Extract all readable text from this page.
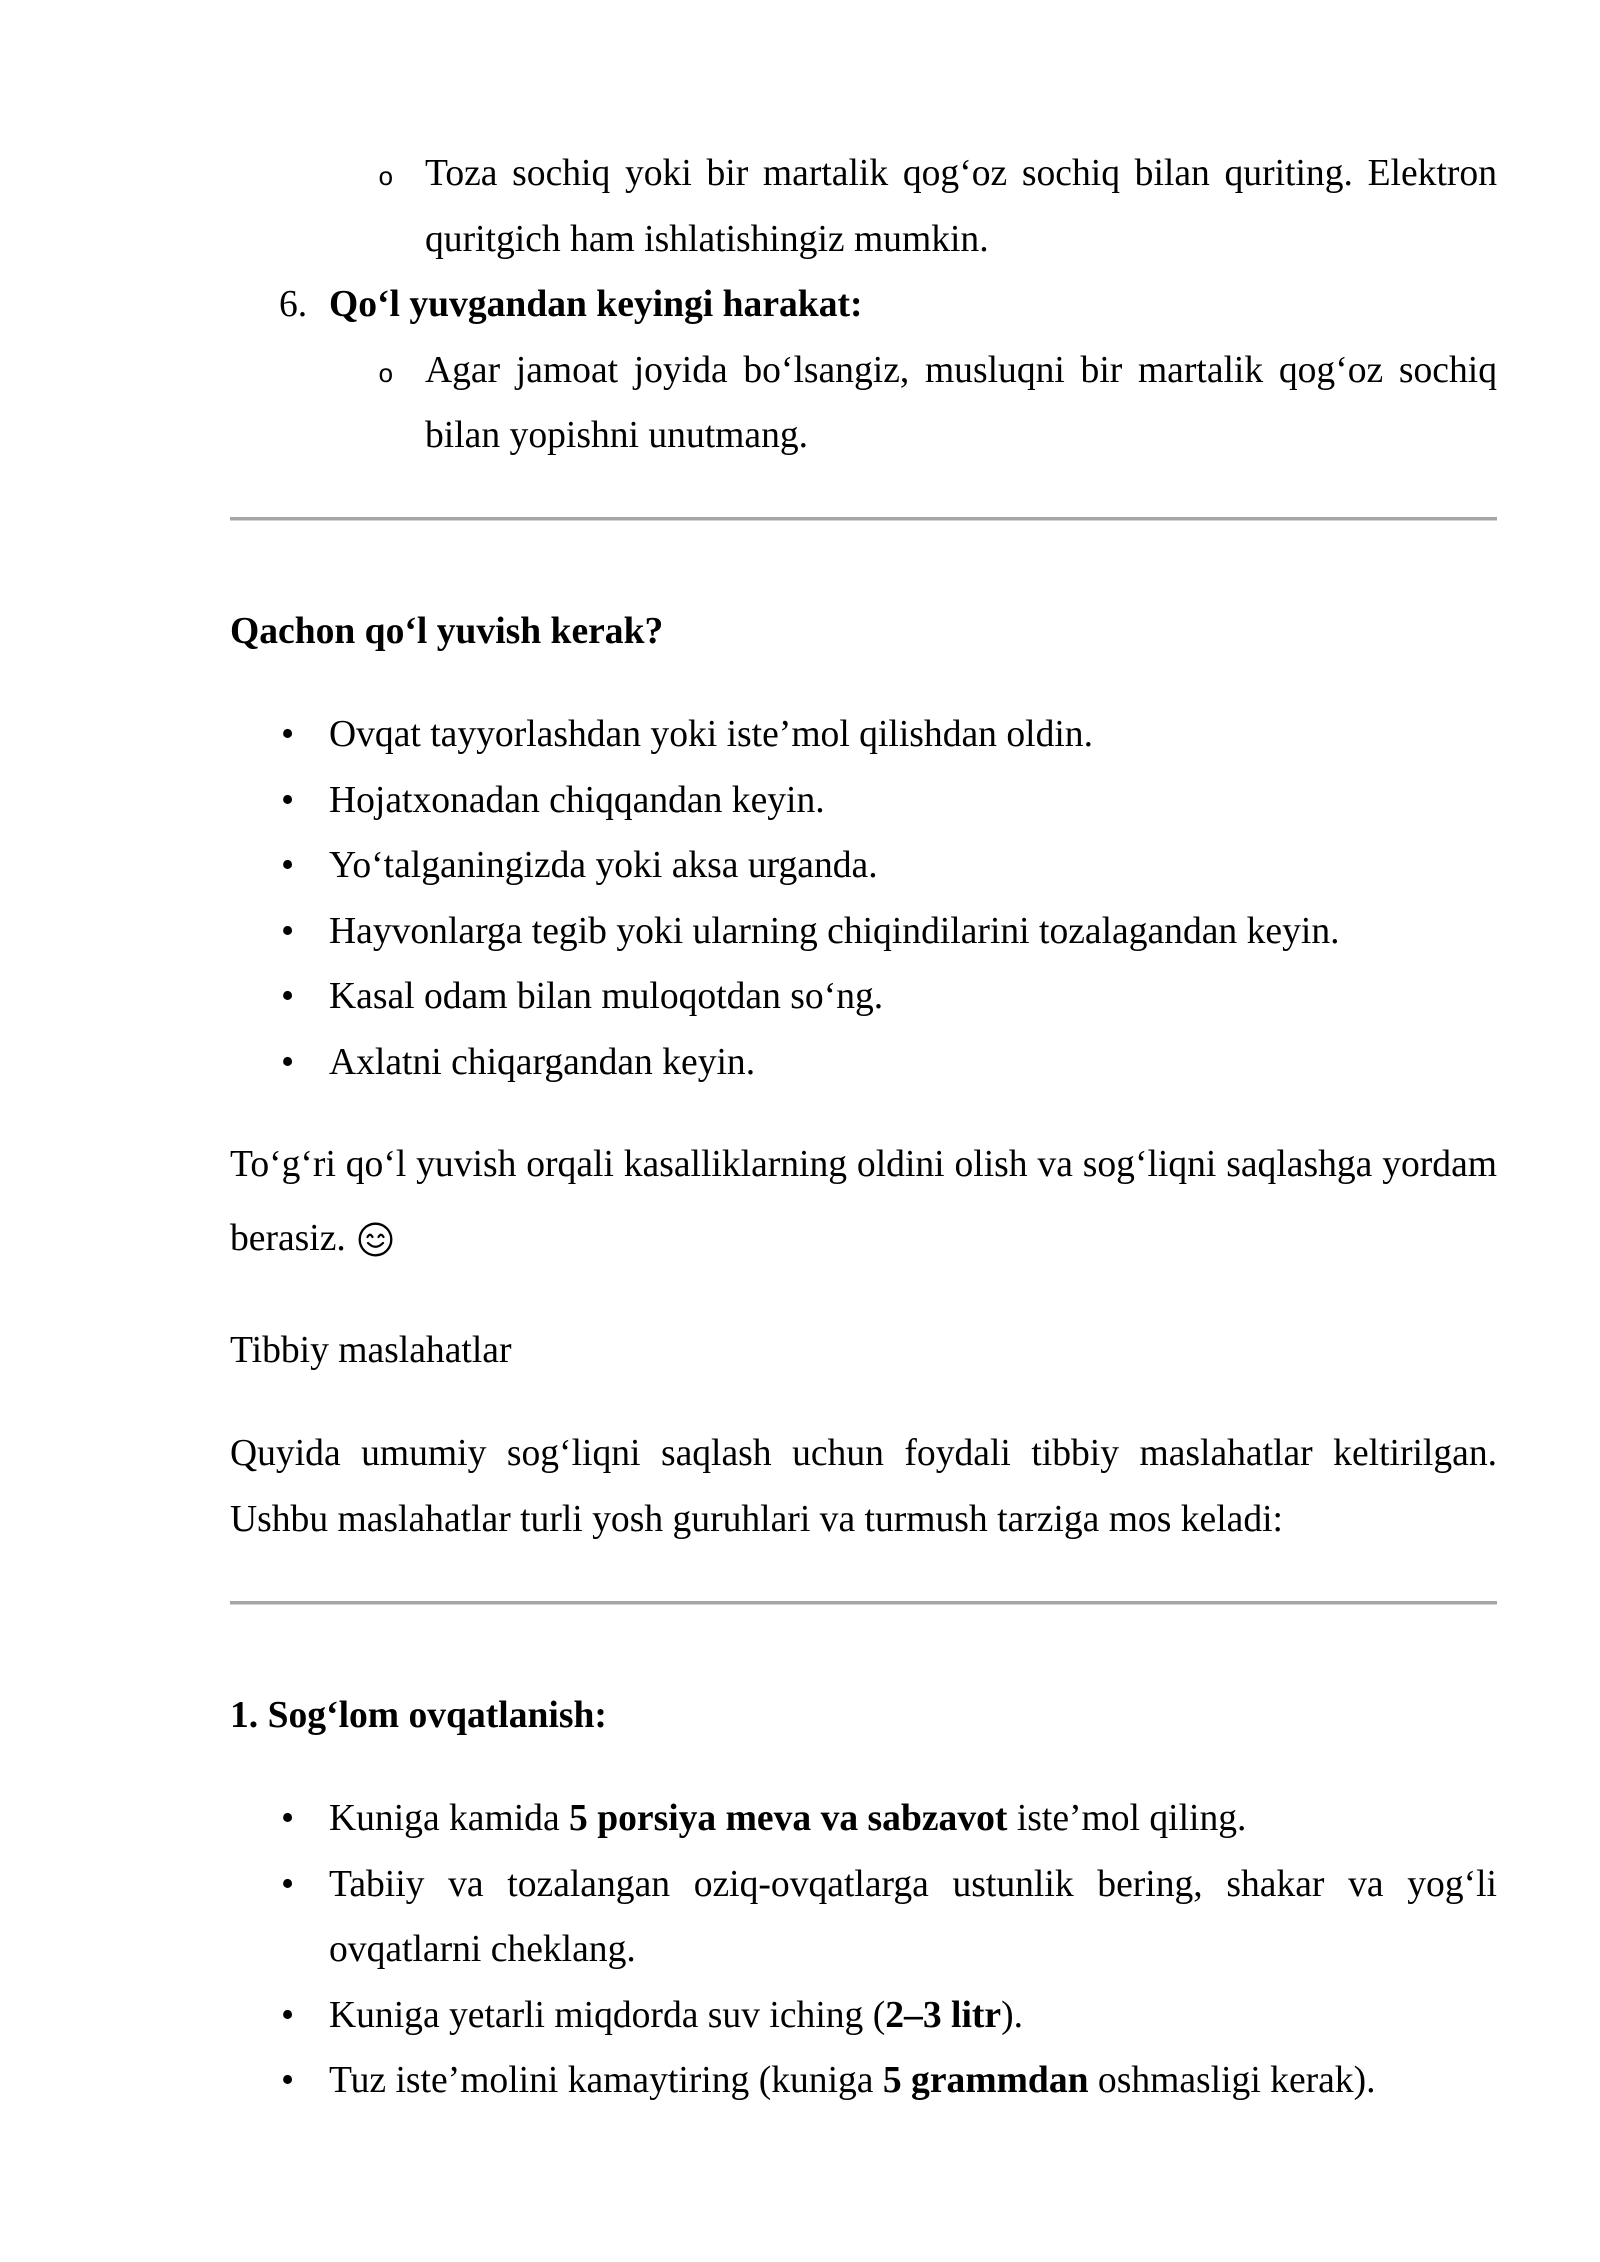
o Toza sochiq yoki bir martalik qog‘oz sochiq bilan quriting. Elektron quritgich ham ishlatishingiz mumkin.
6. Qo‘l yuvgandan keyingi harakat:
o Agar jamoat joyida bo‘lsangiz, musluqni bir martalik qog‘oz sochiq bilan yopishni unutmang.
Qachon qo‘l yuvish kerak?
• Ovqat tayyorlashdan yoki iste’mol qilishdan oldin.
• Hojatxonadan chiqqandan keyin.
• Yo‘talganingizda yoki aksa urganda.
• Hayvonlarga tegib yoki ularning chiqindilarini tozalagandan keyin.
• Kasal odam bilan muloqotdan so‘ng.
• Axlatni chiqargandan keyin.
To‘g‘ri qo‘l yuvish orqali kasalliklarning oldini olish va sog‘liqni saqlashga yordam berasiz.
Tibbiy maslahatlar
Quyida umumiy sog‘liqni saqlash uchun foydali tibbiy maslahatlar keltirilgan. Ushbu maslahatlar turli yosh guruhlari va turmush tarziga mos keladi:
1. Sog‘lom ovqatlanish:
• Kuniga kamida 5 porsiya meva va sabzavot iste’mol qiling.
• Tabiiy va tozalangan oziq-ovqatlarga ustunlik bering, shakar va yog‘li ovqatlarni cheklang.
• Kuniga yetarli miqdorda suv iching (2–3 litr).
• Tuz iste’molini kamaytiring (kuniga 5 grammdan oshmasligi kerak).
